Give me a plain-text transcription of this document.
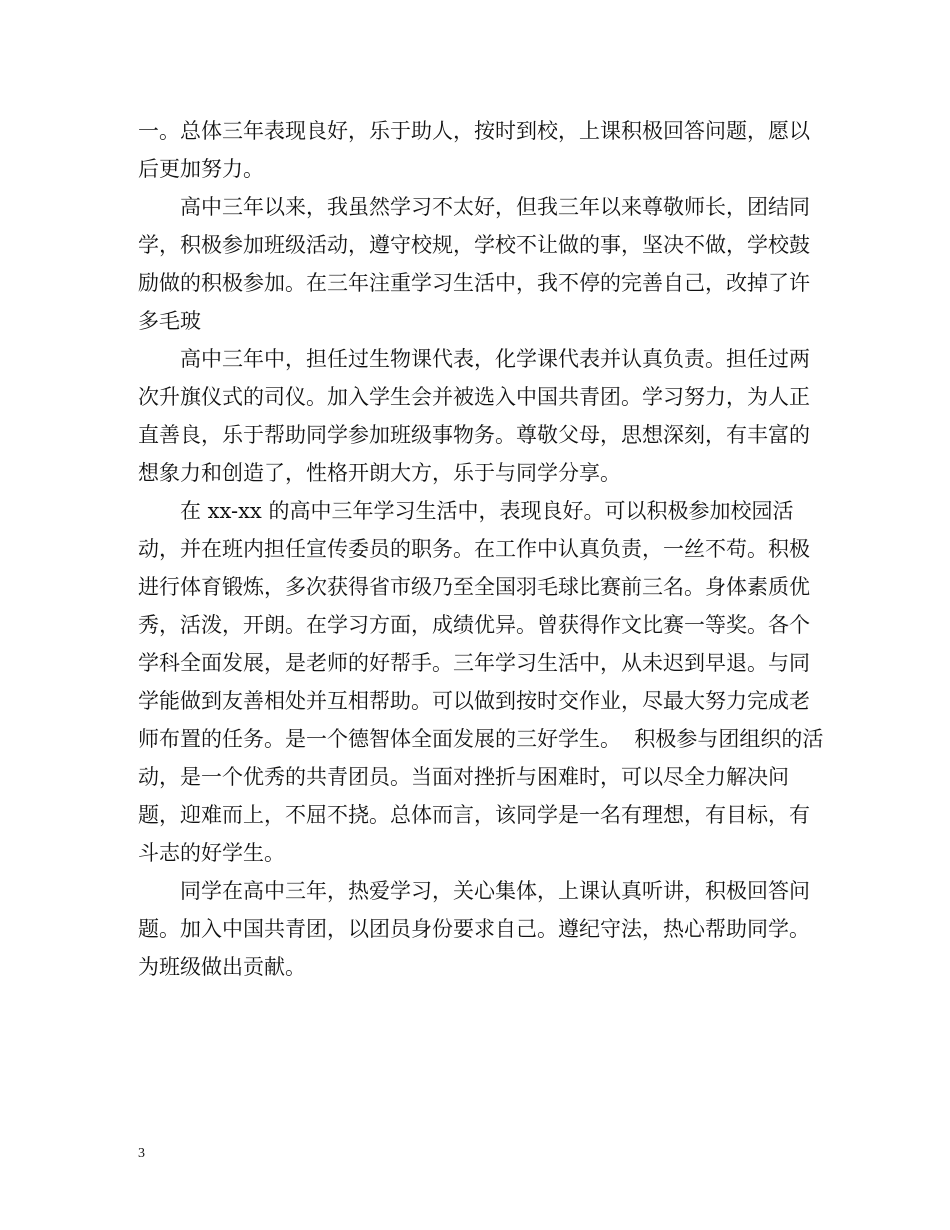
一。总体三年表现良好，乐于助人，按时到校，上课积极回答问题，愿以后更加努力。

高中三年以来，我虽然学习不太好，但我三年以来尊敬师长，团结同学，积极参加班级活动，遵守校规，学校不让做的事，坚决不做，学校鼓励做的积极参加。在三年注重学习生活中，我不停的完善自己，改掉了许多毛玻

高中三年中，担任过生物课代表，化学课代表并认真负责。担任过两次升旗仪式的司仪。加入学生会并被选入中国共青团。学习努力，为人正直善良，乐于帮助同学参加班级事物务。尊敬父母，思想深刻，有丰富的想象力和创造了，性格开朗大方，乐于与同学分享。

在 xx-xx 的高中三年学习生活中，表现良好。可以积极参加校园活动，并在班内担任宣传委员的职务。在工作中认真负责，一丝不苟。积极进行体育锻炼，多次获得省市级乃至全国羽毛球比赛前三名。身体素质优秀，活泼，开朗。在学习方面，成绩优异。曾获得作文比赛一等奖。各个学科全面发展，是老师的好帮手。三年学习生活中，从未迟到早退。与同学能做到友善相处并互相帮助。可以做到按时交作业，尽最大努力完成老师布置的任务。是一个德智体全面发展的三好学生。  积极参与团组织的活动，是一个优秀的共青团员。当面对挫折与困难时，可以尽全力解决问题，迎难而上，不屈不挠。总体而言，该同学是一名有理想，有目标，有斗志的好学生。

同学在高中三年，热爱学习，关心集体，上课认真听讲，积极回答问题。加入中国共青团，以团员身份要求自己。遵纪守法，热心帮助同学。为班级做出贡献。

3
